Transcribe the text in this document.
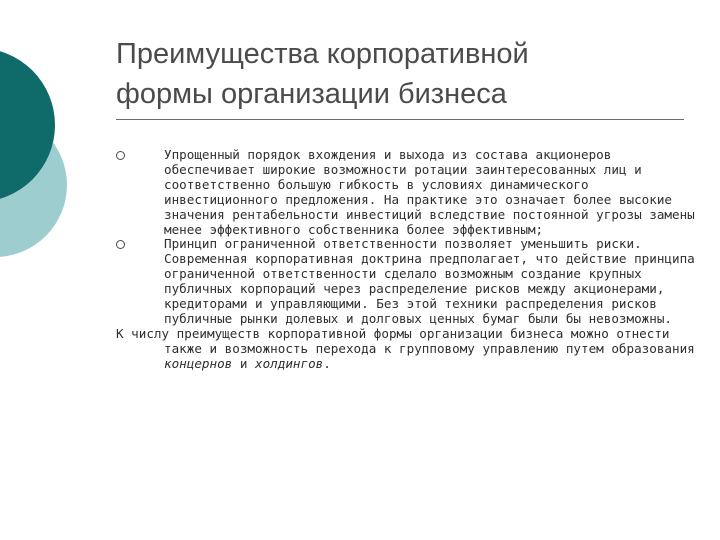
Преимущества корпоративной
формы организации бизнеса
Упрощенный порядок вхождения и выхода из состава акционеров обеспечивает широкие возможности ротации заинтересованных лиц и соответственно большую гибкость в условиях динамического инвестиционного предложения. На практике это означает более высокие значения рентабельности инвестиций вследствие постоянной угрозы замены менее эффективного собственника более эффективным;
Принцип ограниченной ответственности позволяет уменьшить риски. Современная корпоративная доктрина предполагает, что действие принципа ограниченной ответственности сделало возможным создание крупных публичных корпораций через распределение рисков между акционерами, кредиторами и управляющими. Без этой техники распределения рисков публичные рынки долевых и долговых ценных бумаг были бы невозможны.
К числу преимуществ корпоративной формы организации бизнеса можно отнести также и возможность перехода к групповому управлению путем образования концернов и холдингов.
